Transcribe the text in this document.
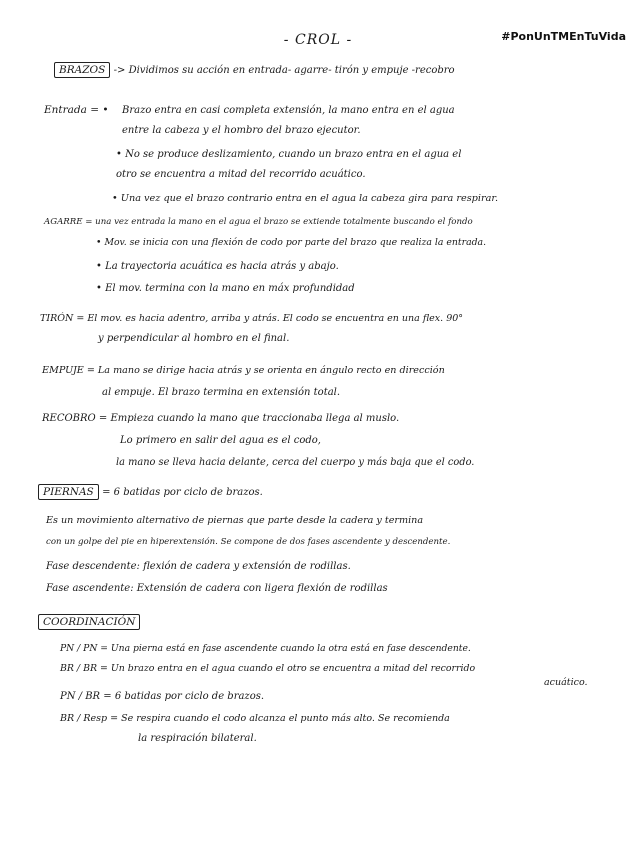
- CROL -	#PonUnTMEnTuVida
BRAZOS -> Dividimos su acción en entrada- agarre- tirón y empuje -recobro
Entrada = • Brazo entra en casi completa extensión, la mano entra en el agua
entre la cabeza y el hombro del brazo ejecutor.
• No se produce deslizamiento, cuando un brazo entra en el agua el
otro se encuentra a mitad del recorrido acuático.
• Una vez que el brazo contrario entra en el agua la cabeza gira para respirar.
AGARRE = una vez entrada la mano en el agua el brazo se extiende totalmente buscando el fondo
• Mov. se inicia con una flexión de codo por parte del brazo que realiza la entrada.
• La trayectoria acuática es hacia atrás y abajo.
• El mov. termina con la mano en máx profundidad
TIRÓN = El mov. es hacia adentro, arriba y atrás. El codo se encuentra en una flex. 90°
y perpendicular al hombro en el final.
EMPUJE = La mano se dirige hacia atrás y se orienta en ángulo recto en dirección
al empuje. El brazo termina en extensión total.
RECOBRO = Empieza cuando la mano que traccionaba llega al muslo.
Lo primero en salir del agua es el codo,
la mano se lleva hacia delante, cerca del cuerpo y más baja que el codo.
PIERNAS = 6 batidas por ciclo de brazos.
Es un movimiento alternativo de piernas que parte desde la cadera y termina
con un golpe del pie en hiperextensión. Se compone de dos fases ascendente y descendente.
Fase descendente: flexión de cadera y extensión de rodillas.
Fase ascendente: Extensión de cadera con ligera flexión de rodillas
COORDINACIÓN
PN / PN = Una pierna está en fase ascendente cuando la otra está en fase descendente.
BR / BR = Un brazo entra en el agua cuando el otro se encuentra a mitad del recorrido
acuático.
PN / BR = 6 batidas por ciclo de brazos.
BR / Resp = Se respira cuando el codo alcanza el punto más alto. Se recomienda
la respiración bilateral.
